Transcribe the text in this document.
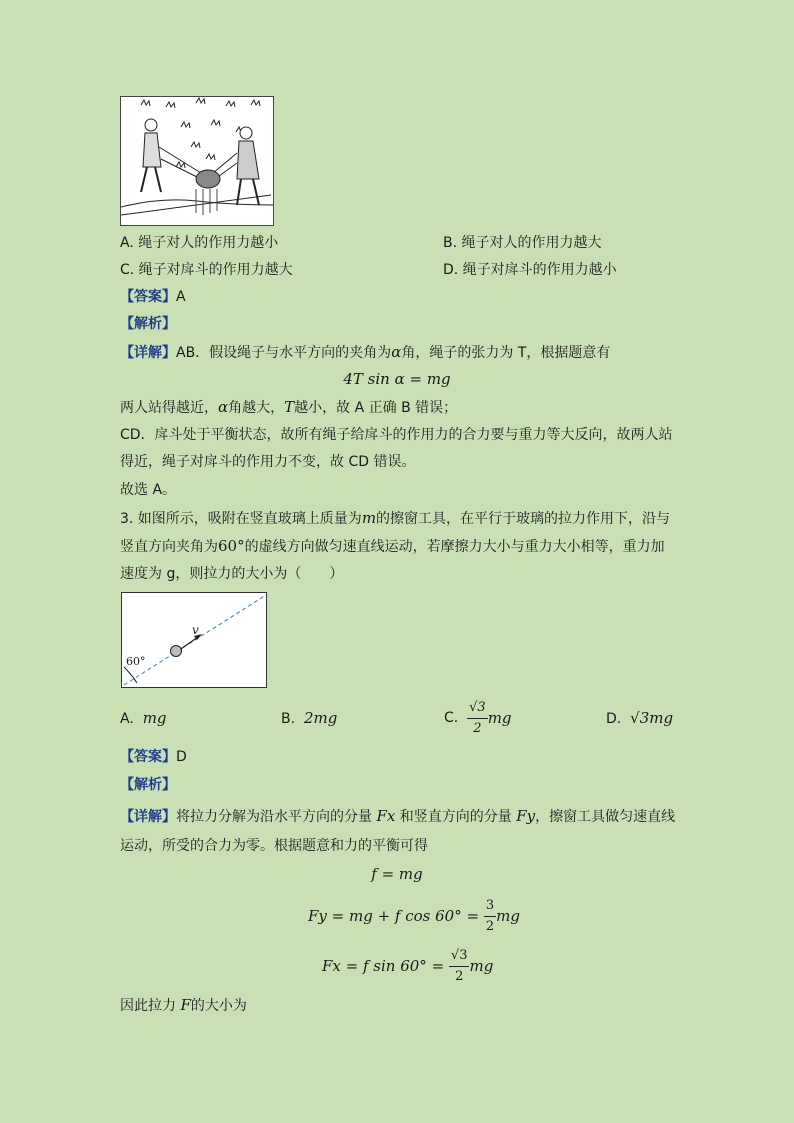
A. 绳子对人的作用力越小	B. 绳子对人的作用力越大
C. 绳子对戽斗的作用力越大	D. 绳子对戽斗的作用力越小
【答案】A
【解析】
【详解】AB．假设绳子与水平方向的夹角为α角，绳子的张力为 T，根据题意有
4T sin α = mg
两人站得越近，α角越大，T越小，故 A 正确 B 错误；
CD．戽斗处于平衡状态，故所有绳子给戽斗的作用力的合力要与重力等大反向，故两人站
得近，绳子对戽斗的作用力不变，故 CD 错误。
故选 A。
3. 如图所示，吸附在竖直玻璃上质量为m的擦窗工具，在平行于玻璃的拉力作用下，沿与
竖直方向夹角为60°的虚线方向做匀速直线运动，若摩擦力大小与重力大小相等，重力加
速度为 g，则拉力的大小为（　　）
v
60°
A. mg	B. 2mg	C.
$\frac{√3}{2}$ mg	D. √3mg
【答案】D
【解析】
【详解】将拉力分解为沿水平方向的分量 Fx 和竖直方向的分量 Fy，擦窗工具做匀速直线
运动，所受的合力为零。根据题意和力的平衡可得
f = mg
Fy = mg + f cos 60° =
$\frac{3}{2}$ mg
Fx = f sin 60° =
$\frac{√3}{2}$ mg
因此拉力 F的大小为
